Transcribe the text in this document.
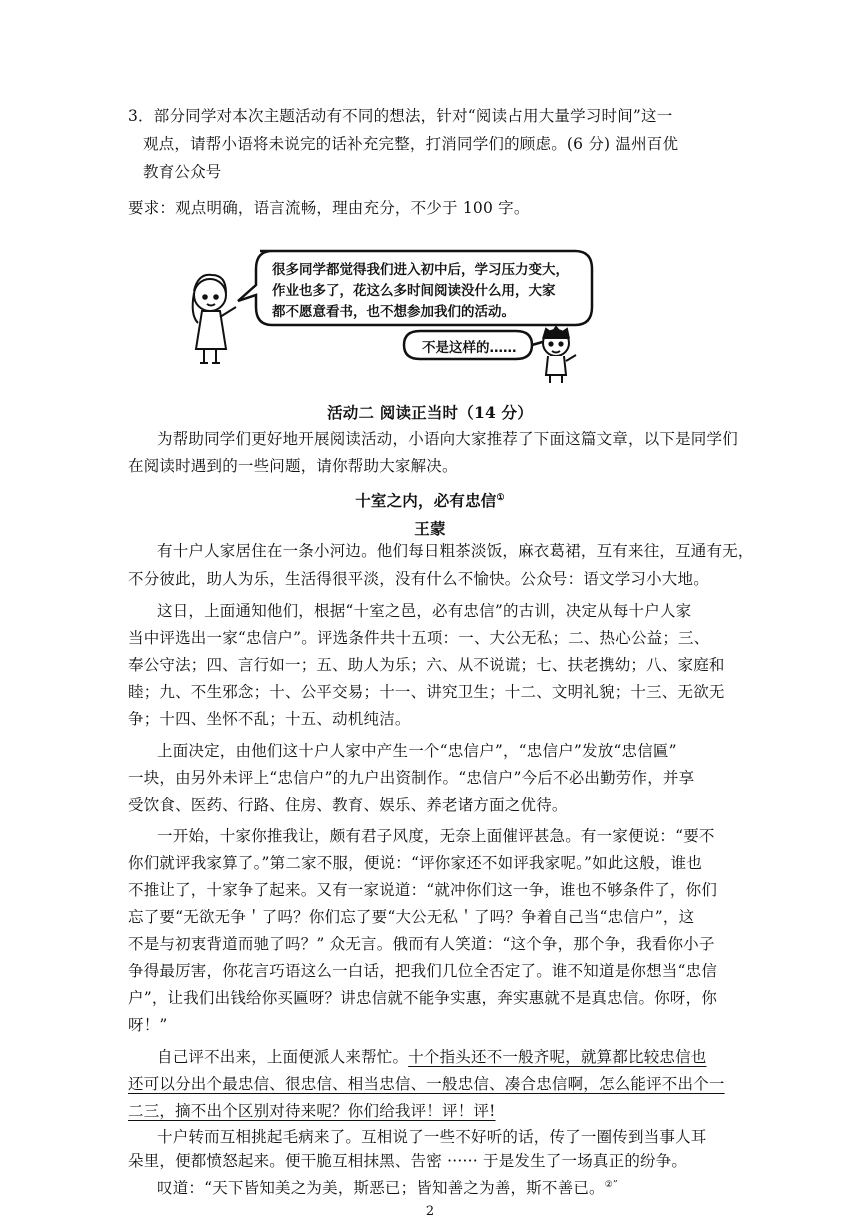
3．部分同学对本次主题活动有不同的想法，针对“阅读占用大量学习时间”这一
观点，请帮小语将未说完的话补充完整，打消同学们的顾虑。(6 分) 温州百优
教育公众号
要求：观点明确，语言流畅，理由充分，不少于 100 字。
很多同学都觉得我们进入初中后，学习压力变大，
作业也多了，花这么多时间阅读没什么用，大家
都不愿意看书，也不想参加我们的活动。
不是这样的……
活动二 阅读正当时（14 分）
为帮助同学们更好地开展阅读活动，小语向大家推荐了下面这篇文章，以下是同学们
在阅读时遇到的一些问题，请你帮助大家解决。
十室之内，必有忠信①
王蒙
有十户人家居住在一条小河边。他们每日粗茶淡饭，麻衣葛裙，互有来往，互通有无，
不分彼此，助人为乐，生活得很平淡，没有什么不愉快。公众号：语文学习小大地。
这日，上面通知他们，根据“十室之邑，必有忠信”的古训，决定从每十户人家
当中评选出一家“忠信户”。评选条件共十五项：一、大公无私；二、热心公益；三、
奉公守法；四、言行如一；五、助人为乐；六、从不说谎；七、扶老携幼；八、家庭和
睦；九、不生邪念；十、公平交易；十一、讲究卫生；十二、文明礼貌；十三、无欲无
争；十四、坐怀不乱；十五、动机纯洁。
上面决定，由他们这十户人家中产生一个“忠信户”，“忠信户”发放“忠信匾”
一块，由另外未评上“忠信户”的九户出资制作。“忠信户”今后不必出勤劳作，并享
受饮食、医药、行路、住房、教育、娱乐、养老诸方面之优待。
一开始，十家你推我让，颇有君子风度，无奈上面催评甚急。有一家便说：“要不
你们就评我家算了。”第二家不服，便说：“评你家还不如评我家呢。”如此这般，谁也
不推让了，十家争了起来。又有一家说道：“就冲你们这一争，谁也不够条件了，你们
忘了要“无欲无争＇了吗？你们忘了要“大公无私＇了吗？争着自己当“忠信户”，这
不是与初衷背道而驰了吗？” 众无言。俄而有人笑道：“这个争，那个争，我看你小子
争得最厉害，你花言巧语这么一白话，把我们几位全否定了。谁不知道是你想当“忠信
户”，让我们出钱给你买匾呀？讲忠信就不能争实惠，奔实惠就不是真忠信。你呀，你
呀！”
自己评不出来，上面便派人来帮忙。十个指头还不一般齐呢，就算都比较忠信也
还可以分出个最忠信、很忠信、相当忠信、一般忠信、凑合忠信啊，怎么能评不出个一
二三，摘不出个区别对待来呢？你们给我评！评！评!
2
十户转而互相挑起毛病来了。互相说了一些不好听的话，传了一圈传到当事人耳
朵里，便都愤怒起来。便干脆互相抹黑、告密 ······ 于是发生了一场真正的纷争。
叹道：“天下皆知美之为美，斯恶已；皆知善之为善，斯不善已。②”
